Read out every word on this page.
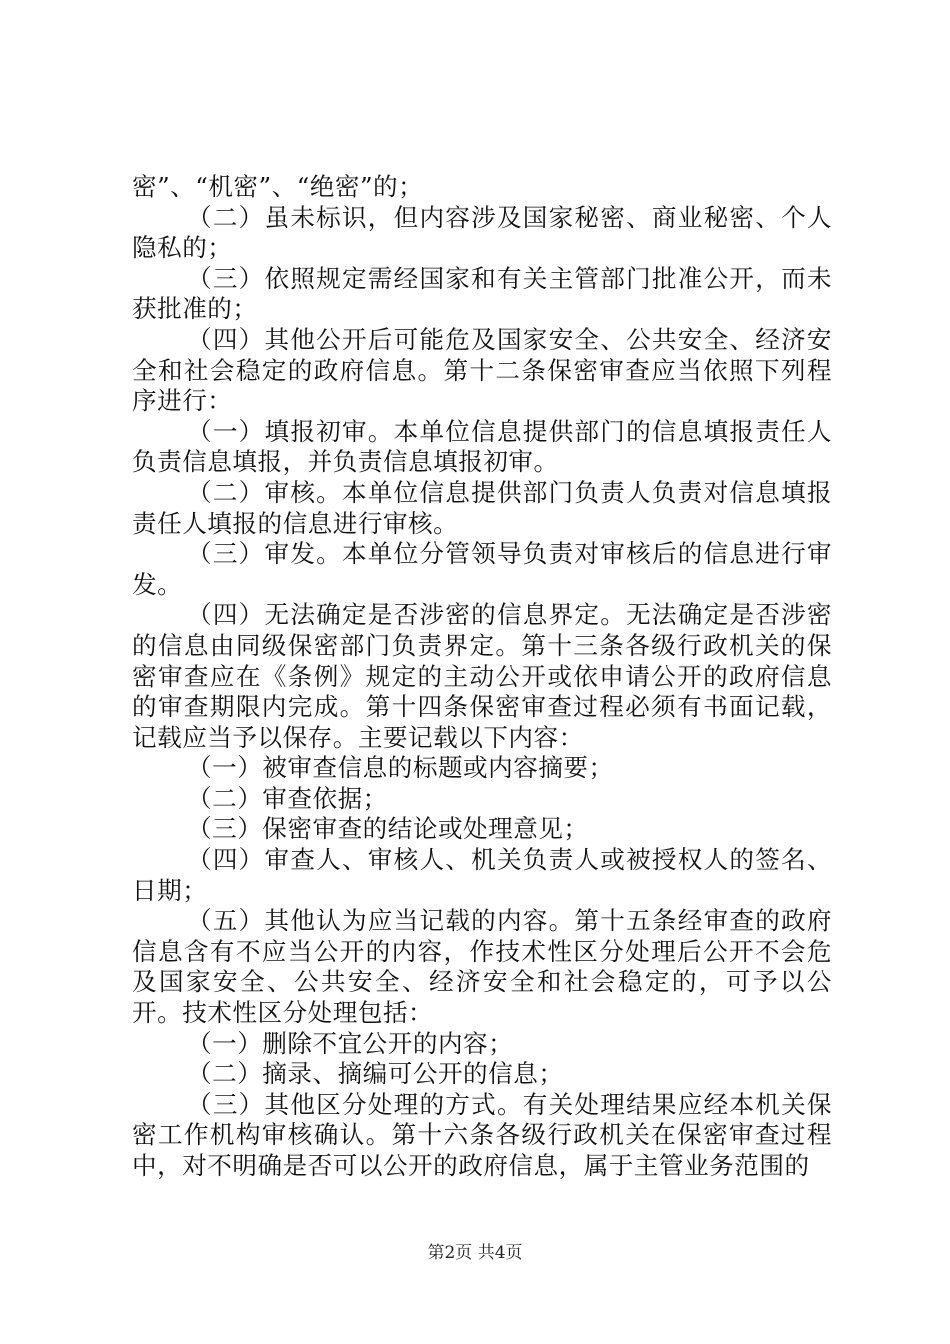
密”、“机密”、“绝密”的；

（二）虽未标识，但内容涉及国家秘密、商业秘密、个人隐私的；

（三）依照规定需经国家和有关主管部门批准公开，而未获批准的；

（四）其他公开后可能危及国家安全、公共安全、经济安全和社会稳定的政府信息。第十二条保密审查应当依照下列程序进行：

（一）填报初审。本单位信息提供部门的信息填报责任人负责信息填报，并负责信息填报初审。

（二）审核。本单位信息提供部门负责人负责对信息填报责任人填报的信息进行审核。

（三）审发。本单位分管领导负责对审核后的信息进行审发。

（四）无法确定是否涉密的信息界定。无法确定是否涉密的信息由同级保密部门负责界定。第十三条各级行政机关的保密审查应在《条例》规定的主动公开或依申请公开的政府信息的审查期限内完成。第十四条保密审查过程必须有书面记载，记载应当予以保存。主要记载以下内容：

（一）被审查信息的标题或内容摘要；

（二）审查依据；

（三）保密审查的结论或处理意见；

（四）审查人、审核人、机关负责人或被授权人的签名、日期；

（五）其他认为应当记载的内容。第十五条经审查的政府信息含有不应当公开的内容，作技术性区分处理后公开不会危及国家安全、公共安全、经济安全和社会稳定的，可予以公开。技术性区分处理包括：

（一）删除不宜公开的内容；

（二）摘录、摘编可公开的信息；

（三）其他区分处理的方式。有关处理结果应经本机关保密工作机构审核确认。第十六条各级行政机关在保密审查过程中，对不明确是否可以公开的政府信息，属于主管业务范围的

第2页 共4页
